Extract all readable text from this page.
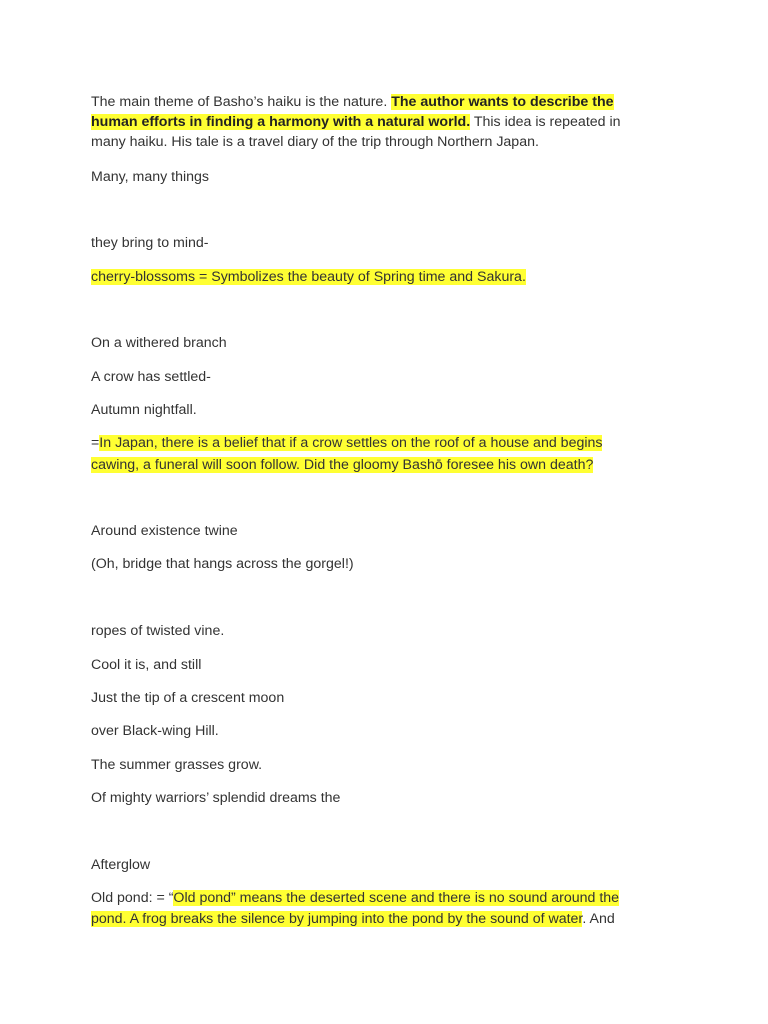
The main theme of Basho’s haiku is the nature. The author wants to describe the
human efforts in finding a harmony with a natural world. This idea is repeated in
many haiku. His tale is a travel diary of the trip through Northern Japan.
Many, many things
they bring to mind-
cherry-blossoms = Symbolizes the beauty of Spring time and Sakura.
On a withered branch
A crow has settled-
Autumn nightfall.
=In Japan, there is a belief that if a crow settles on the roof of a house and begins
cawing, a funeral will soon follow. Did the gloomy Bashō foresee his own death?
Around existence twine
(Oh, bridge that hangs across the gorgel!)
ropes of twisted vine.
Cool it is, and still
Just the tip of a crescent moon
over Black-wing Hill.
The summer grasses grow.
Of mighty warriors’ splendid dreams the
Afterglow
Old pond: = “Old pond” means the deserted scene and there is no sound around the
pond. A frog breaks the silence by jumping into the pond by the sound of water. And
